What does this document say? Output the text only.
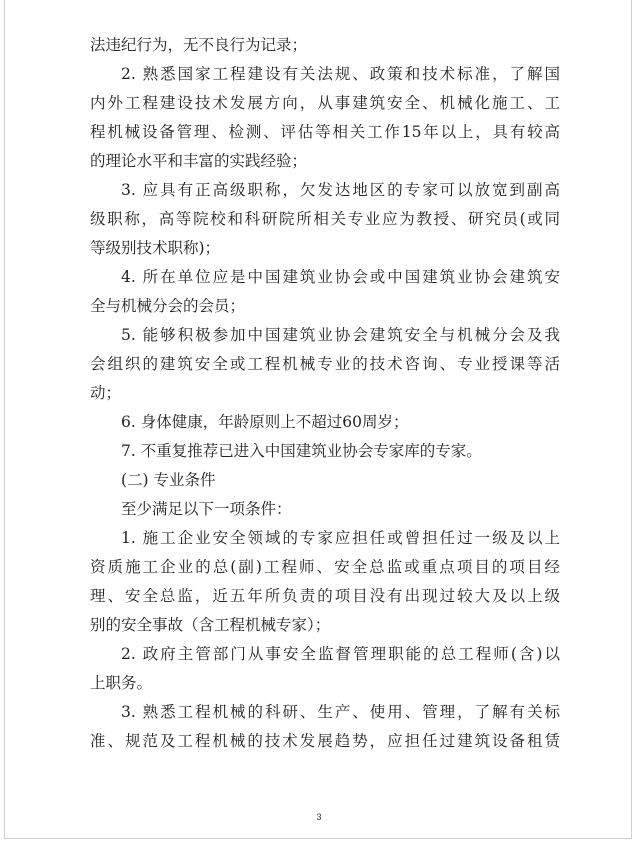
法违纪行为，无不良行为记录；
2. 熟悉国家工程建设有关法规、政策和技术标准，了解国
内外工程建设技术发展方向，从事建筑安全、机械化施工、工
程机械设备管理、检测、评估等相关工作15年以上，具有较高
的理论水平和丰富的实践经验；
3. 应具有正高级职称，欠发达地区的专家可以放宽到副高
级职称，高等院校和科研院所相关专业应为教授、研究员(或同
等级别技术职称)；
4. 所在单位应是中国建筑业协会或中国建筑业协会建筑安
全与机械分会的会员；
5. 能够积极参加中国建筑业协会建筑安全与机械分会及我
会组织的建筑安全或工程机械专业的技术咨询、专业授课等活
动；
6. 身体健康，年龄原则上不超过60周岁；
7. 不重复推荐已进入中国建筑业协会专家库的专家。
(二) 专业条件
至少满足以下一项条件：
1. 施工企业安全领域的专家应担任或曾担任过一级及以上
资质施工企业的总(副)工程师、安全总监或重点项目的项目经
理、安全总监，近五年所负责的项目没有出现过较大及以上级
别的安全事故（含工程机械专家）；
2. 政府主管部门从事安全监督管理职能的总工程师(含)以
上职务。
3. 熟悉工程机械的科研、生产、使用、管理，了解有关标
准、规范及工程机械的技术发展趋势，应担任过建筑设备租赁
3
